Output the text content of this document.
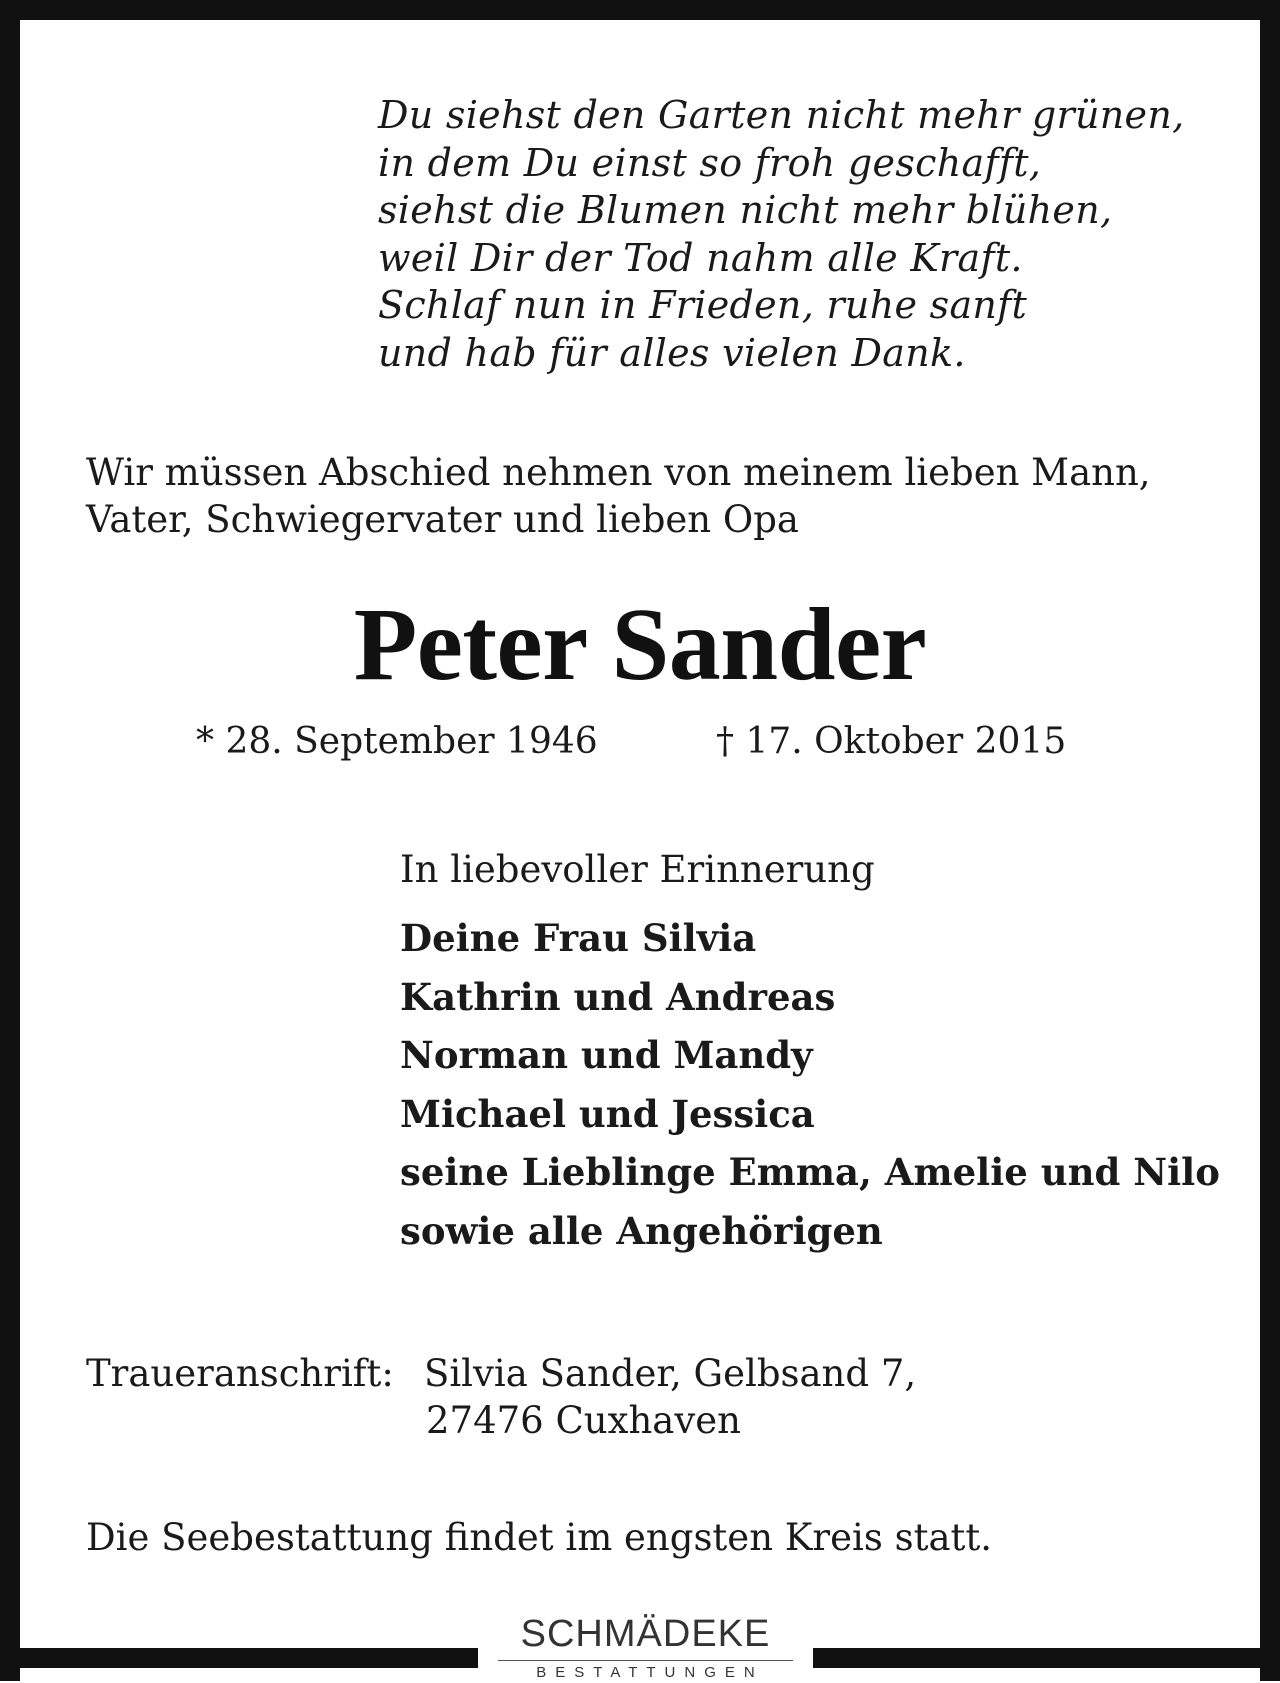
Du siehst den Garten nicht mehr grünen,
in dem Du einst so froh geschafft,
siehst die Blumen nicht mehr blühen,
weil Dir der Tod nahm alle Kraft.
Schlaf nun in Frieden, ruhe sanft
und hab für alles vielen Dank.
Wir müssen Abschied nehmen von meinem lieben Mann,
Vater, Schwiegervater und lieben Opa
Peter Sander
* 28. September 1946	† 17. Oktober 2015
In liebevoller Erinnerung
Deine Frau Silvia
Kathrin und Andreas
Norman und Mandy
Michael und Jessica
seine Lieblinge Emma, Amelie und Nilo
sowie alle Angehörigen
Traueranschrift: Silvia Sander, Gelbsand 7,
27476 Cuxhaven
Die Seebestattung findet im engsten Kreis statt.
SCHMÄDEKE
BESTATTUNGEN
